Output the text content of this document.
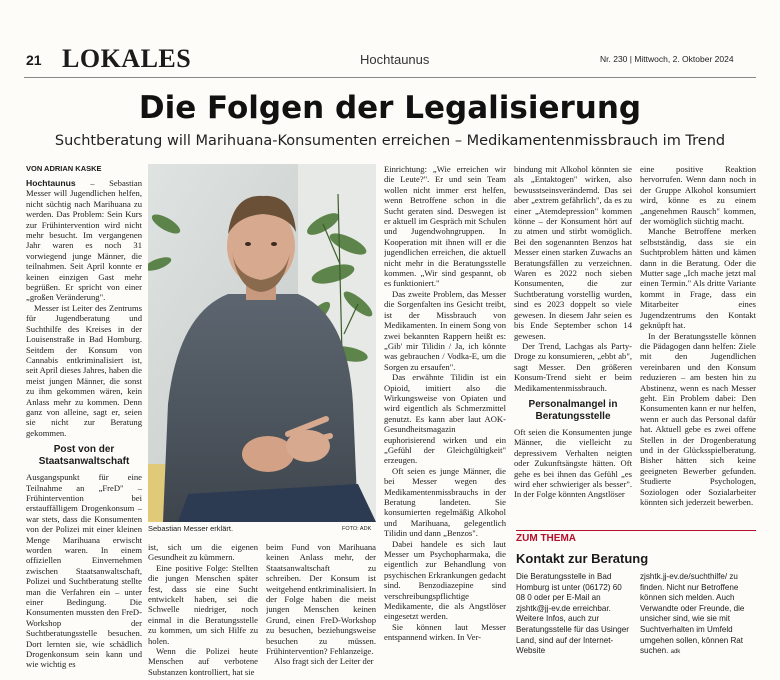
21 LOKALES	Hochtaunus	Nr. 230 | Mittwoch, 2. Oktober 2024
Die Folgen der Legalisierung
Suchtberatung will Marihuana-Konsumenten erreichen – Medikamentenmissbrauch im Trend
VON ADRIAN KASKE

Hochtaunus – Sebastian Messer will Jugendlichen helfen, nicht süchtig nach Marihuana zu werden. Das Problem: Sein Kurs zur Frühintervention wird nicht mehr besucht. Im vergangenen Jahr waren es noch 31 vorwiegend junge Männer, die teilnahmen. Seit April konnte er keinen einzigen Gast mehr begrüßen. Er spricht von einer „großen Veränderung".

Messer ist Leiter des Zentrums für Jugendberatung und Suchthilfe des Kreises in der Louisenstraße in Bad Homburg. Seitdem der Konsum von Cannabis entkriminalisiert ist, seit April dieses Jahres, haben die meist jungen Männer, die sonst zu ihm gekommen wären, kein Anlass mehr zu kommen. Denn ganz von alleine, sagt er, seien sie nicht zur Beratung gekommen.

Post von der Staatsanwaltschaft

Ausgangspunkt für eine Teilnahme an „FreD" – Frühintervention bei erstauffälligem Drogenkonsum – war stets, dass die Konsumenten von der Polizei mit einer kleinen Menge Marihuana erwischt worden waren. In einem offiziellen Einvernehmen zwischen Staatsanwaltschaft, Polizei und Suchtberatung stellte man die Verfahren ein – unter einer Bedingung. Die Konsumenten mussten den FreD-Workshop der Suchtberatungsstelle besuchen. Dort lernten sie, wie schädlich Drogenkonsum sein kann und wie wichtig es

Sebastian Messer erklärt.	FOTO: ADK

ist, sich um die eigenen Gesundheit zu kümmern.

Eine positive Folge: Stellten die jungen Menschen später fest, dass sie eine Sucht entwickelt haben, sei die Schwelle niedriger, noch einmal in die Beratungsstelle zu kommen, um sich Hilfe zu holen.

Wenn die Polizei heute Menschen auf verbotene Substanzen kontrolliert, hat sie

beim Fund von Marihuana keinen Anlass mehr, der Staatsanwaltschaft zu schreiben. Der Konsum ist weitgehend entkriminalisiert. In der Folge haben die meist jungen Menschen keinen Grund, einen FreD-Workshop zu besuchen, beziehungsweise besuchen zu müssen. Frühintervention? Fehlanzeige.

Also fragt sich der Leiter der

Einrichtung: „Wie erreichen wir die Leute?". Er und sein Team wollen nicht immer erst helfen, wenn Betroffene schon in die Sucht geraten sind. Deswegen ist er aktuell im Gespräch mit Schulen und Jugendwohngruppen. In Kooperation mit ihnen will er die jugendlichen erreichen, die aktuell nicht mehr in die Beratungsstelle kommen. „Wir sind gespannt, ob es funktioniert."

Das zweite Problem, das Messer die Sorgenfalten ins Gesicht treibt, ist der Missbrauch von Medikamenten. In einem Song von zwei bekannten Rappern heißt es: „Gib' mir Tilidin / Ja, ich könnte was gebrauchen / Vodka-E, um die Sorgen zu ersaufen".

Das erwähnte Tilidin ist ein Opioid, imitiert also die Wirkungsweise von Opiaten und wird eigentlich als Schmerzmittel genutzt. Es kann aber laut AOK-Gesundheitsmagazin euphorisierend wirken und ein „Gefühl der Gleichgültigkeit" erzeugen.

Oft seien es junge Männer, die bei Messer wegen des Medikamentenmissbrauchs in der Beratung landeten. Sie konsumierten regelmäßig Alkohol und Marihuana, gelegentlich Tilidin und dann „Benzos".

Dabei handele es sich laut Messer um Psychopharmaka, die eigentlich zur Behandlung von psychischen Erkrankungen gedacht sind. Benzodiazepine sind verschreibungspflichtige Medikamente, die als Angstlöser eingesetzt werden.

Sie können laut Messer entspannend wirken. In Ver-

bindung mit Alkohol könnten sie als „Entaktogen" wirken, also bewusstseinsverändernd. Das sei aber „extrem gefährlich", da es zu einer „Atemdepression" kommen könne – der Konsument hört auf zu atmen und stirbt womöglich. Bei den sogenannten Benzos hat Messer einen starken Zuwachs an Beratungsfällen zu verzeichnen. Waren es 2022 noch sieben Konsumenten, die zur Suchtberatung vorstellig wurden, sind es 2023 doppelt so viele gewesen. In diesem Jahr seien es bis Ende September schon 14 gewesen.

Der Trend, Lachgas als Party-Droge zu konsumieren, „ebbt ab", sagt Messer. Den größeren Konsum-Trend sieht er beim Medikamentenmissbrauch.

Personalmangel in Beratungsstelle

Oft seien die Konsumenten junge Männer, die vielleicht zu depressivem Verhalten neigten oder Zukunftsängste hätten. Oft gehe es bei ihnen das Gefühl „es wird eher schwieriger als besser". In der Folge könnten Angstlöser

eine positive Reaktion hervorrufen. Wenn dann noch in der Gruppe Alkohol konsumiert wird, könne es zu einem „angenehmen Rausch" kommen, der womöglich süchtig macht.

Manche Betroffene merken selbstständig, dass sie ein Suchtproblem hätten und kämen dann in die Beratung. Oder die Mutter sage „Ich mache jetzt mal einen Termin." Als dritte Variante kommt in Frage, dass ein Mitarbeiter eines Jugendzentrums den Kontakt geknüpft hat.

In der Beratungsstelle können die Pädagogen dann helfen: Ziele mit den Jugendlichen vereinbaren und den Konsum reduzieren – am besten hin zu Abstinenz, wenn es nach Messer geht. Ein Problem dabei: Den Konsumenten kann er nur helfen, wenn er auch das Personal dafür hat. Aktuell gebe es zwei offene Stellen in der Drogenberatung und in der Glücksspielberatung. Bisher hätten sich keine geeigneten Bewerber gefunden. Studierte Psychologen, Soziologen oder Sozialarbeiter könnten sich jederzeit bewerben.

ZUM THEMA
Kontakt zur Beratung
Die Beratungsstelle in Bad Homburg ist unter (06172) 60 08 0 oder per E-Mail an zjshtk@jj-ev.de erreichbar. Weitere Infos, auch zur Beratungsstelle für das Usinger Land, sind auf der Internet-Website
zjshtk.jj-ev.de/suchthilfe/ zu finden. Nicht nur Betroffene können sich melden. Auch Verwandte oder Freunde, die unsicher sind, wie sie mit Suchtverhalten im Umfeld umgehen sollen, können Rat suchen. adk
